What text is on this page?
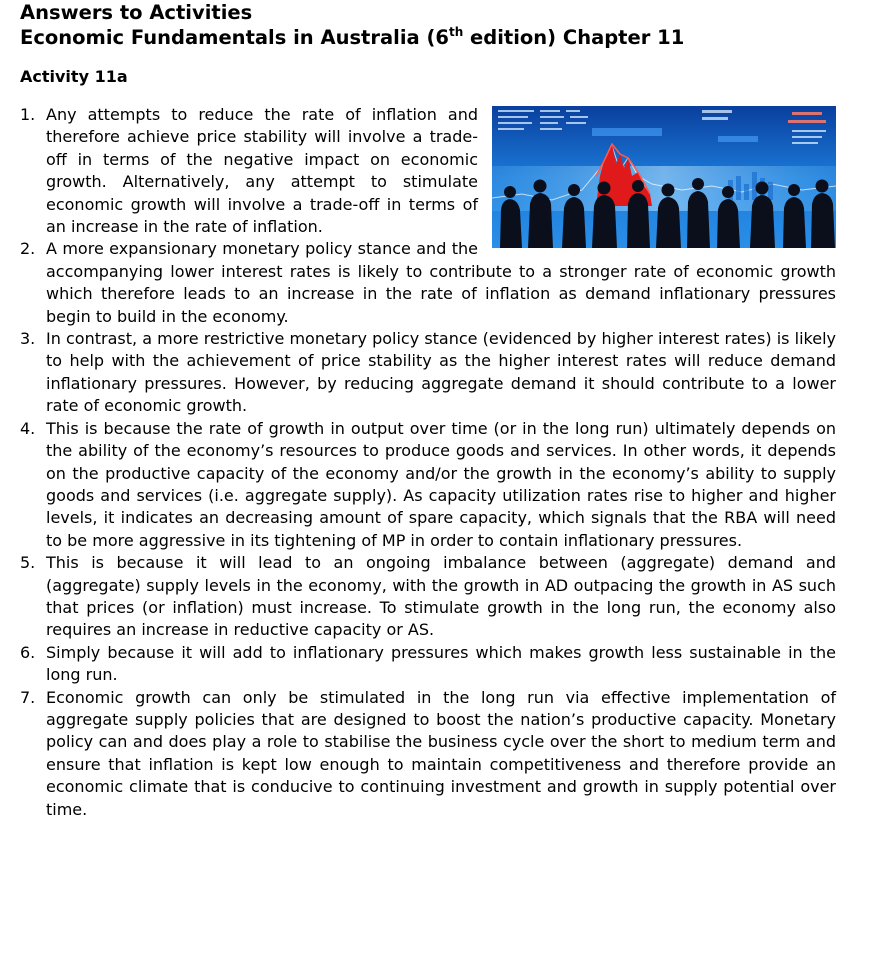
Answers to Activities
Economic Fundamentals in Australia (6th edition) Chapter 11
Activity 11a
1. Any attempts to reduce the rate of inflation and therefore achieve price stability will involve a trade-off in terms of the negative impact on economic growth. Alternatively, any attempt to stimulate economic growth will involve a trade-off in terms of an increase in the rate of inflation.
2. A more expansionary monetary policy stance and the accompanying lower interest rates is likely to contribute to a stronger rate of economic growth which therefore leads to an increase in the rate of inflation as demand inflationary pressures begin to build in the economy.
3. In contrast, a more restrictive monetary policy stance (evidenced by higher interest rates) is likely to help with the achievement of price stability as the higher interest rates will reduce demand inflationary pressures. However, by reducing aggregate demand it should contribute to a lower rate of economic growth.
4. This is because the rate of growth in output over time (or in the long run) ultimately depends on the ability of the economy’s resources to produce goods and services. In other words, it depends on the productive capacity of the economy and/or the growth in the economy’s ability to supply goods and services (i.e. aggregate supply). As capacity utilization rates rise to higher and higher levels, it indicates an decreasing amount of spare capacity, which signals that the RBA will need to be more aggressive in its tightening of MP in order to contain inflationary pressures.
5. This is because it will lead to an ongoing imbalance between (aggregate) demand and (aggregate) supply levels in the economy, with the growth in AD outpacing the growth in AS such that prices (or inflation) must increase. To stimulate growth in the long run, the economy also requires an increase in reductive capacity or AS.
6. Simply because it will add to inflationary pressures which makes growth less sustainable in the long run.
7. Economic growth can only be stimulated in the long run via effective implementation of aggregate supply policies that are designed to boost the nation’s productive capacity. Monetary policy can and does play a role to stabilise the business cycle over the short to medium term and ensure that inflation is kept low enough to maintain competitiveness and therefore provide an economic climate that is conducive to continuing investment and growth in supply potential over time.
